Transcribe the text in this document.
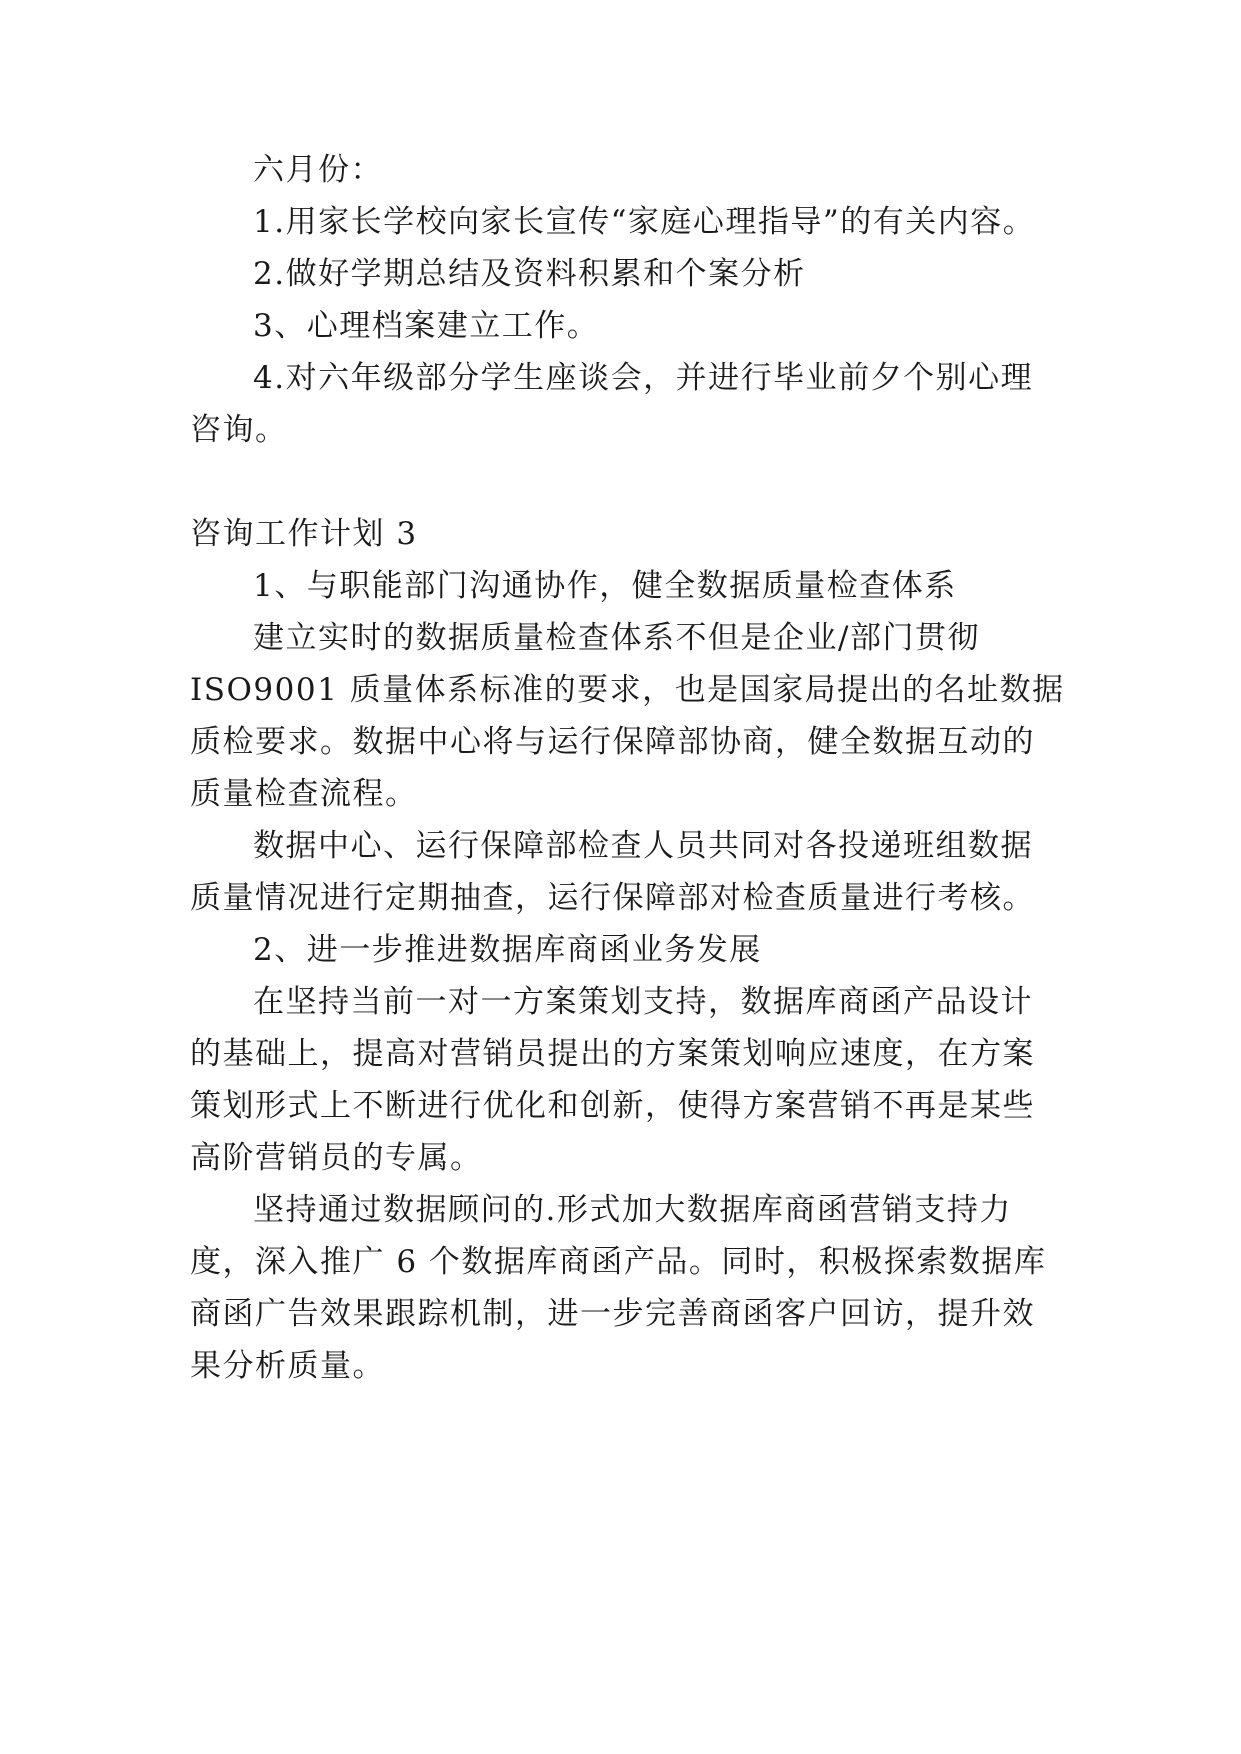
六月份：

1.用家长学校向家长宣传“家庭心理指导”的有关内容。

2.做好学期总结及资料积累和个案分析

3、心理档案建立工作。

4.对六年级部分学生座谈会，并进行毕业前夕个别心理

咨询。

咨询工作计划 3

1、与职能部门沟通协作，健全数据质量检查体系

建立实时的数据质量检查体系不但是企业/部门贯彻

ISO9001 质量体系标准的要求，也是国家局提出的名址数据

质检要求。数据中心将与运行保障部协商，健全数据互动的

质量检查流程。

数据中心、运行保障部检查人员共同对各投递班组数据

质量情况进行定期抽查，运行保障部对检查质量进行考核。

2、进一步推进数据库商函业务发展

在坚持当前一对一方案策划支持，数据库商函产品设计

的基础上，提高对营销员提出的方案策划响应速度，在方案

策划形式上不断进行优化和创新，使得方案营销不再是某些

高阶营销员的专属。

坚持通过数据顾问的.形式加大数据库商函营销支持力

度，深入推广 6 个数据库商函产品。同时，积极探索数据库

商函广告效果跟踪机制，进一步完善商函客户回访，提升效

果分析质量。
